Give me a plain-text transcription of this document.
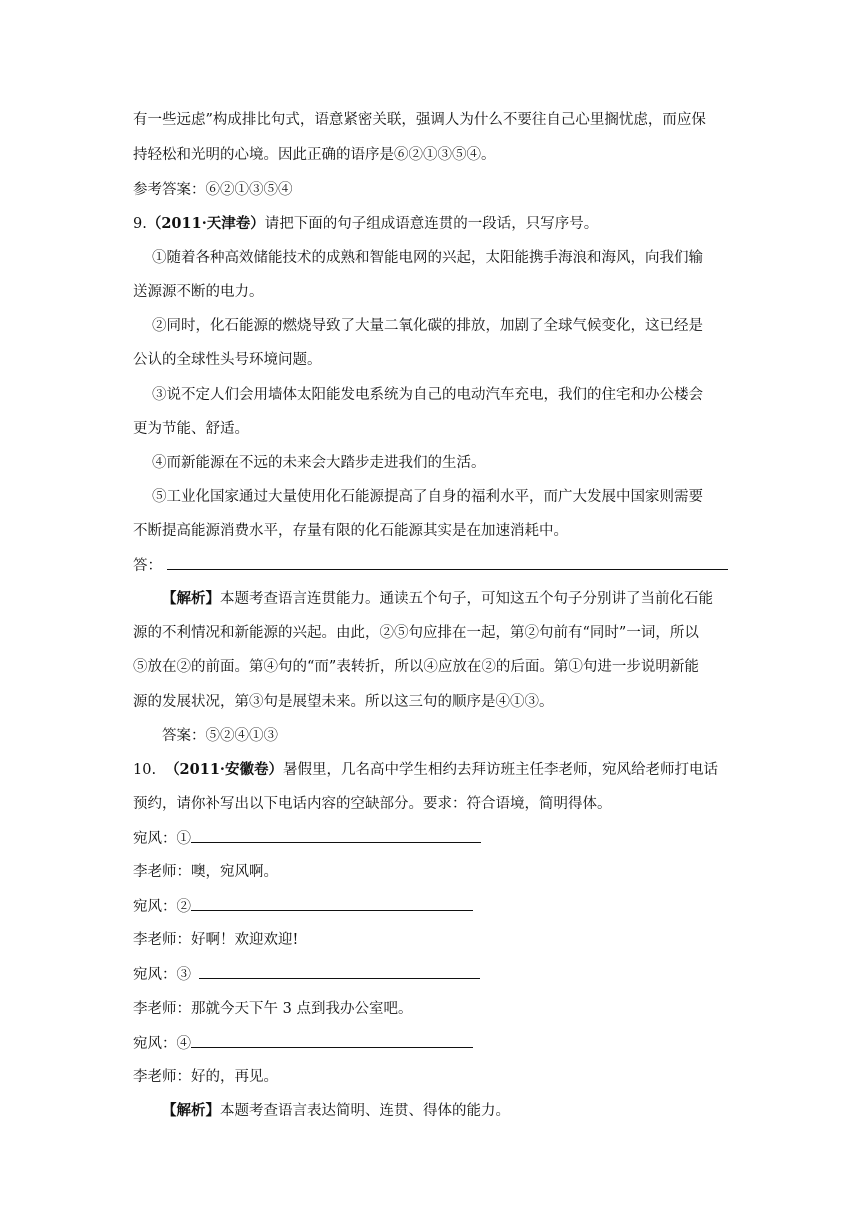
有一些远虑”构成排比句式，语意紧密关联，强调人为什么不要往自己心里搁忧虑，而应保
持轻松和光明的心境。因此正确的语序是⑥②①③⑤④。
参考答案：⑥②①③⑤④
9.（2011·天津卷）请把下面的句子组成语意连贯的一段话，只写序号。
①随着各种高效储能技术的成熟和智能电网的兴起，太阳能携手海浪和海风，向我们输
送源源不断的电力。
②同时，化石能源的燃烧导致了大量二氧化碳的排放，加剧了全球气候变化，这已经是
公认的全球性头号环境问题。
③说不定人们会用墙体太阳能发电系统为自己的电动汽车充电，我们的住宅和办公楼会
更为节能、舒适。
④而新能源在不远的未来会大踏步走进我们的生活。
⑤工业化国家通过大量使用化石能源提高了自身的福利水平，而广大发展中国家则需要
不断提高能源消费水平，存量有限的化石能源其实是在加速消耗中。
答：
【解析】本题考查语言连贯能力。通读五个句子，可知这五个句子分别讲了当前化石能
源的不利情况和新能源的兴起。由此，②⑤句应排在一起，第②句前有“同时”一词，所以
⑤放在②的前面。第④句的“而”表转折，所以④应放在②的后面。第①句进一步说明新能
源的发展状况，第③句是展望未来。所以这三句的顺序是④①③。
答案：⑤②④①③
10. （2011·安徽卷）暑假里，几名高中学生相约去拜访班主任李老师，宛风给老师打电话
预约，请你补写出以下电话内容的空缺部分。要求：符合语境，简明得体。
宛风：①
李老师：噢，宛风啊。
宛风：②
李老师：好啊！欢迎欢迎!
宛风：③
李老师：那就今天下午 3 点到我办公室吧。
宛风：④
李老师：好的，再见。
【解析】本题考查语言表达简明、连贯、得体的能力。
